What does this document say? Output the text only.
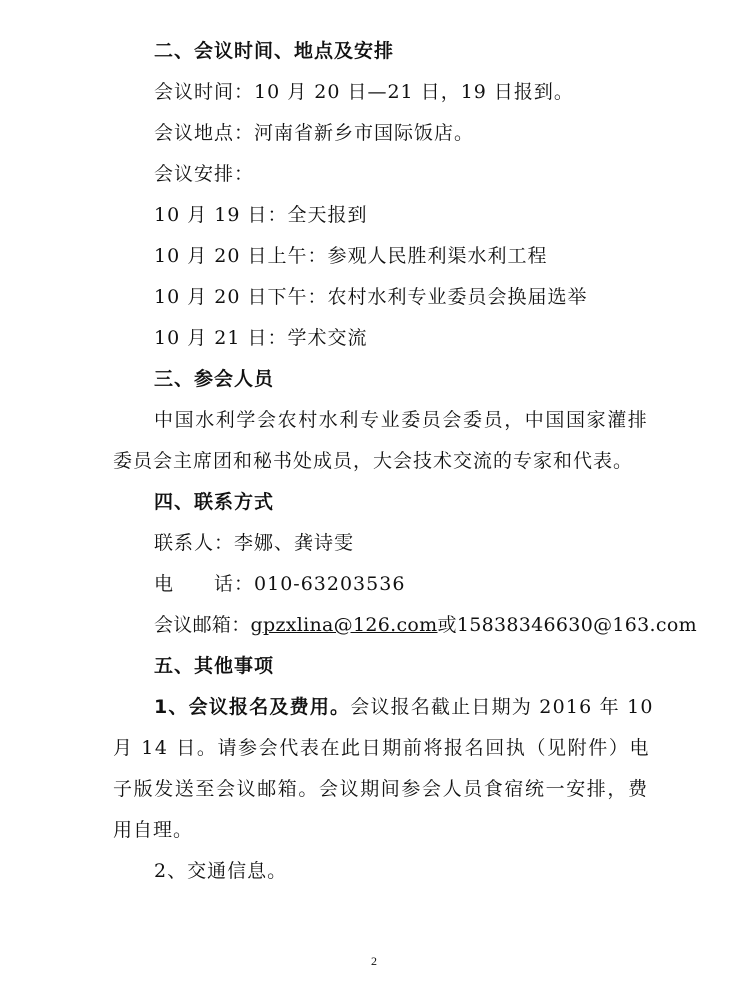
二、会议时间、地点及安排
会议时间：10 月 20 日—21 日，19 日报到。
会议地点：河南省新乡市国际饭店。
会议安排：
10 月 19 日：全天报到
10 月 20 日上午：参观人民胜利渠水利工程
10 月 20 日下午：农村水利专业委员会换届选举
10 月 21 日：学术交流
三、参会人员
中国水利学会农村水利专业委员会委员，中国国家灌排
委员会主席团和秘书处成员，大会技术交流的专家和代表。
四、联系方式
联系人：李娜、龚诗雯
电　　话：010-63203536
会议邮箱：gpzxlina@126.com或15838346630@163.com
五、其他事项
1、会议报名及费用。会议报名截止日期为 2016 年 10
月 14 日。请参会代表在此日期前将报名回执（见附件）电
子版发送至会议邮箱。会议期间参会人员食宿统一安排，费
用自理。
2、交通信息。
2
